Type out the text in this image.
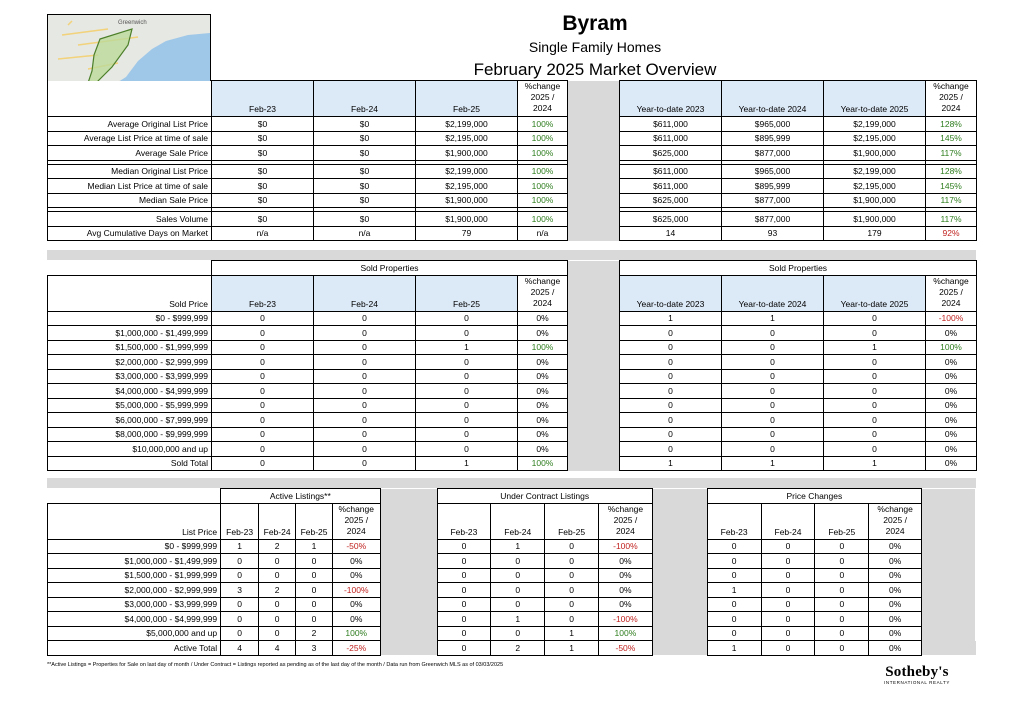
Greenwich	Byram
Single Family Homes
February 2025 Market Overview
	Feb-23	Feb-24	Feb-25	%change 2025 / 2024		Year-to-date 2023	Year-to-date 2024	Year-to-date 2025	%change 2025 / 2024
Average Original List Price	$0	$0	$2,199,000	100%		$611,000	$965,000	$2,199,000	128%
Average List Price at time of sale	$0	$0	$2,195,000	100%		$611,000	$895,999	$2,195,000	145%
Average Sale Price	$0	$0	$1,900,000	100%		$625,000	$877,000	$1,900,000	117%

Median Original List Price	$0	$0	$2,199,000	100%		$611,000	$965,000	$2,199,000	128%
Median List Price at time of sale	$0	$0	$2,195,000	100%		$611,000	$895,999	$2,195,000	145%
Median Sale Price	$0	$0	$1,900,000	100%		$625,000	$877,000	$1,900,000	117%

Sales Volume	$0	$0	$1,900,000	100%		$625,000	$877,000	$1,900,000	117%
Avg Cumulative Days on Market	n/a	n/a	79	n/a		14	93	179	92%
	Sold Properties					Sold Properties			
Sold Price	Feb-23	Feb-24	Feb-25	%change 2025 / 2024		Year-to-date 2023	Year-to-date 2024	Year-to-date 2025	%change 2025 / 2024
$0 - $999,999	0	0	0	0%		1	1	0	-100%
$1,000,000 - $1,499,999	0	0	0	0%		0	0	0	0%
$1,500,000 - $1,999,999	0	0	1	100%		0	0	1	100%
$2,000,000 - $2,999,999	0	0	0	0%		0	0	0	0%
$3,000,000 - $3,999,999	0	0	0	0%		0	0	0	0%
$4,000,000 - $4,999,999	0	0	0	0%		0	0	0	0%
$5,000,000 - $5,999,999	0	0	0	0%		0	0	0	0%
$6,000,000 - $7,999,999	0	0	0	0%		0	0	0	0%
$8,000,000 - $9,999,999	0	0	0	0%		0	0	0	0%
$10,000,000 and up	0	0	0	0%		0	0	0	0%
Sold Total	0	0	1	100%		1	1	1	0%
	Active Listings**					Under Contract Listings					Price Changes				
List Price	Feb-23	Feb-24	Feb-25	%change 2025 / 2024		Feb-23	Feb-24	Feb-25	%change 2025 / 2024		Feb-23	Feb-24	Feb-25	%change 2025 / 2024	
$0 - $999,999	1	2	1	-50%		0	1	0	-100%		0	0	0	0%	
$1,000,000 - $1,499,999	0	0	0	0%		0	0	0	0%		0	0	0	0%	
$1,500,000 - $1,999,999	0	0	0	0%		0	0	0	0%		0	0	0	0%	
$2,000,000 - $2,999,999	3	2	0	-100%		0	0	0	0%		1	0	0	0%	
$3,000,000 - $3,999,999	0	0	0	0%		0	0	0	0%		0	0	0	0%	
$4,000,000 - $4,999,999	0	0	0	0%		0	1	0	-100%		0	0	0	0%	
$5,000,000 and up	0	0	2	100%		0	0	1	100%		0	0	0	0%	
Active Total	4	4	3	-25%		0	2	1	-50%		1	0	0	0%	
**Active Listings = Properties for Sale on last day of month / Under Contract = Listings reported as pending as of the last day of the month / Data run from Greenwich MLS as of 03/03/2025	Sotheby's
INTERNATIONAL REALTY
